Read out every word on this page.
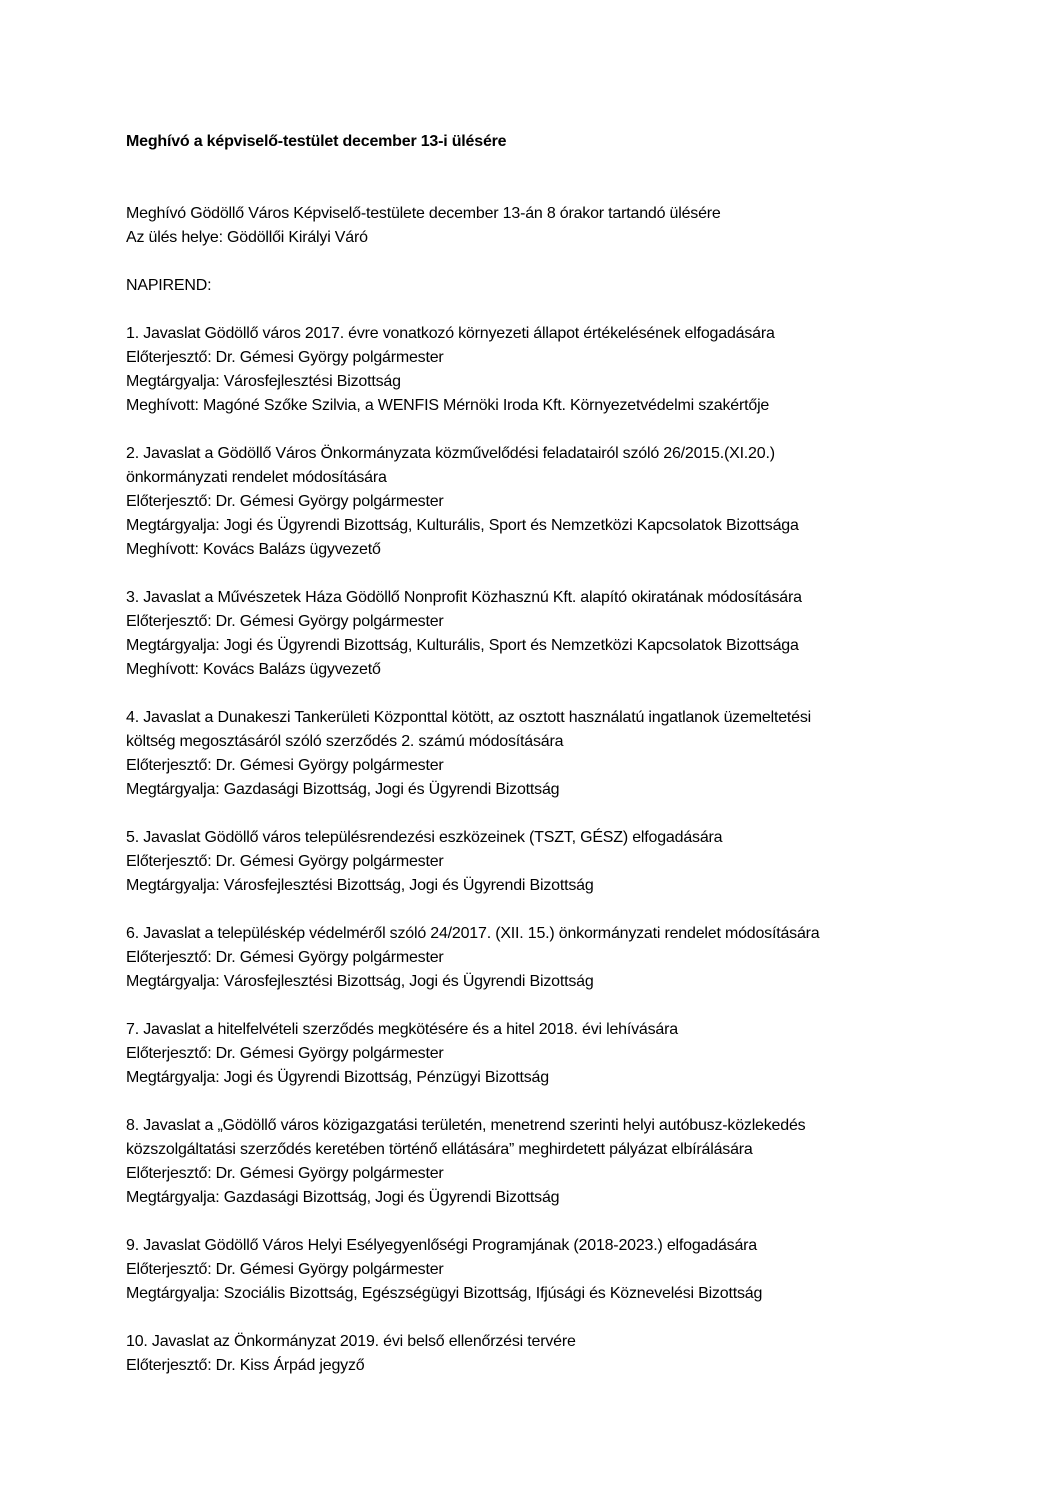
Meghívó a képviselő-testület december 13-i ülésére
Meghívó Gödöllő Város Képviselő-testülete december 13-án 8 órakor tartandó ülésére
Az ülés helye: Gödöllői Királyi Váró
NAPIREND:
1. Javaslat Gödöllő város 2017. évre vonatkozó környezeti állapot értékelésének elfogadására
Előterjesztő: Dr. Gémesi György polgármester
Megtárgyalja: Városfejlesztési Bizottság
Meghívott: Magóné Szőke Szilvia, a WENFIS Mérnöki Iroda Kft. Környezetvédelmi szakértője
2. Javaslat a Gödöllő Város Önkormányzata közművelődési feladatairól szóló 26/2015.(XI.20.)
önkormányzati rendelet módosítására
Előterjesztő: Dr. Gémesi György polgármester
Megtárgyalja: Jogi és Ügyrendi Bizottság, Kulturális, Sport és Nemzetközi Kapcsolatok Bizottsága
Meghívott: Kovács Balázs ügyvezető
3. Javaslat a Művészetek Háza Gödöllő Nonprofit Közhasznú Kft. alapító okiratának módosítására
Előterjesztő: Dr. Gémesi György polgármester
Megtárgyalja: Jogi és Ügyrendi Bizottság, Kulturális, Sport és Nemzetközi Kapcsolatok Bizottsága
Meghívott: Kovács Balázs ügyvezető
4. Javaslat a Dunakeszi Tankerületi Központtal kötött, az osztott használatú ingatlanok üzemeltetési
költség megosztásáról szóló szerződés 2. számú módosítására
Előterjesztő: Dr. Gémesi György polgármester
Megtárgyalja: Gazdasági Bizottság, Jogi és Ügyrendi Bizottság
5. Javaslat Gödöllő város településrendezési eszközeinek (TSZT, GÉSZ) elfogadására
Előterjesztő: Dr. Gémesi György polgármester
Megtárgyalja: Városfejlesztési Bizottság, Jogi és Ügyrendi Bizottság
6. Javaslat a településkép védelméről szóló 24/2017. (XII. 15.) önkormányzati rendelet módosítására
Előterjesztő: Dr. Gémesi György polgármester
Megtárgyalja: Városfejlesztési Bizottság, Jogi és Ügyrendi Bizottság
7. Javaslat a hitelfelvételi szerződés megkötésére és a hitel 2018. évi lehívására
Előterjesztő: Dr. Gémesi György polgármester
Megtárgyalja: Jogi és Ügyrendi Bizottság, Pénzügyi Bizottság
8. Javaslat a „Gödöllő város közigazgatási területén, menetrend szerinti helyi autóbusz-közlekedés
közszolgáltatási szerződés keretében történő ellátására” meghirdetett pályázat elbírálására
Előterjesztő: Dr. Gémesi György polgármester
Megtárgyalja: Gazdasági Bizottság, Jogi és Ügyrendi Bizottság
9. Javaslat Gödöllő Város Helyi Esélyegyenlőségi Programjának (2018-2023.) elfogadására
Előterjesztő: Dr. Gémesi György polgármester
Megtárgyalja: Szociális Bizottság, Egészségügyi Bizottság, Ifjúsági és Köznevelési Bizottság
10. Javaslat az Önkormányzat 2019. évi belső ellenőrzési tervére
Előterjesztő: Dr. Kiss Árpád jegyző
